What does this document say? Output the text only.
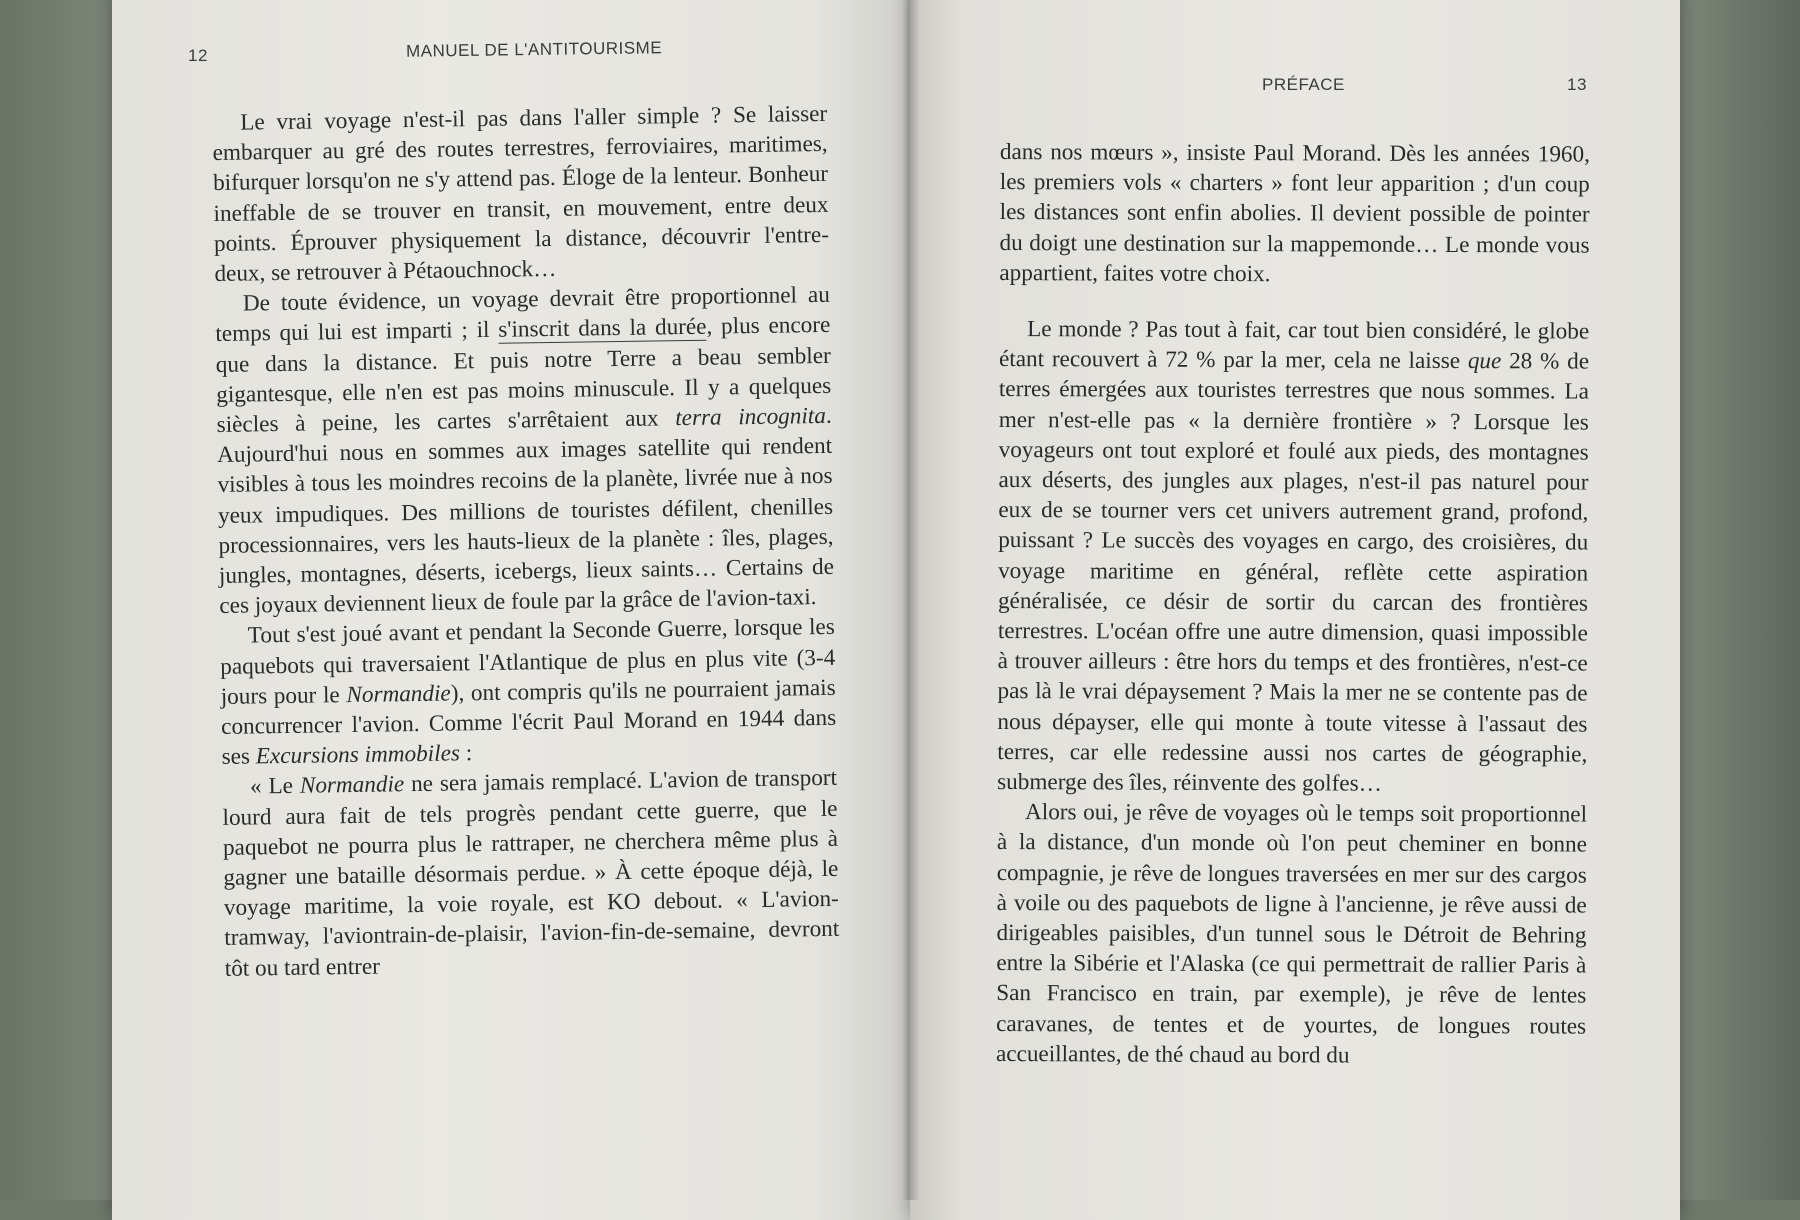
12	MANUEL DE L'ANTITOURISME

Le vrai voyage n'est-il pas dans l'aller simple ? Se laisser embarquer au gré des routes terrestres, ferroviaires, maritimes, bifurquer lorsqu'on ne s'y attend pas. Éloge de la lenteur. Bonheur ineffable de se trouver en transit, en mouvement, entre deux points. Éprouver physiquement la distance, découvrir l'entre-deux, se retrouver à Pétaouchnock…

De toute évidence, un voyage devrait être proportionnel au temps qui lui est imparti ; il s'inscrit dans la durée, plus encore que dans la distance. Et puis notre Terre a beau sembler gigantesque, elle n'en est pas moins minuscule. Il y a quelques siècles à peine, les cartes s'arrêtaient aux terra incognita. Aujourd'hui nous en sommes aux images satellite qui rendent visibles à tous les moindres recoins de la planète, livrée nue à nos yeux impudiques. Des millions de touristes défilent, chenilles processionnaires, vers les hauts-lieux de la planète : îles, plages, jungles, montagnes, déserts, icebergs, lieux saints… Certains de ces joyaux deviennent lieux de foule par la grâce de l'avion-taxi.

Tout s'est joué avant et pendant la Seconde Guerre, lorsque les paquebots qui traversaient l'Atlantique de plus en plus vite (3-4 jours pour le Normandie), ont compris qu'ils ne pourraient jamais concurrencer l'avion. Comme l'écrit Paul Morand en 1944 dans ses Excursions immobiles :

« Le Normandie ne sera jamais remplacé. L'avion de transport lourd aura fait de tels progrès pendant cette guerre, que le paquebot ne pourra plus le rattraper, ne cherchera même plus à gagner une bataille désormais perdue. » À cette époque déjà, le voyage maritime, la voie royale, est KO debout. « L'avion-tramway, l'aviontrain-de-plaisir, l'avion-fin-de-semaine, devront tôt ou tard entrer

PRÉFACE	13

dans nos mœurs », insiste Paul Morand. Dès les années 1960, les premiers vols « charters » font leur apparition ; d'un coup les distances sont enfin abolies. Il devient possible de pointer du doigt une destination sur la mappemonde… Le monde vous appartient, faites votre choix.

Le monde ? Pas tout à fait, car tout bien considéré, le globe étant recouvert à 72 % par la mer, cela ne laisse que 28 % de terres émergées aux touristes terrestres que nous sommes. La mer n'est-elle pas « la dernière frontière » ? Lorsque les voyageurs ont tout exploré et foulé aux pieds, des montagnes aux déserts, des jungles aux plages, n'est-il pas naturel pour eux de se tourner vers cet univers autrement grand, profond, puissant ? Le succès des voyages en cargo, des croisières, du voyage maritime en général, reflète cette aspiration généralisée, ce désir de sortir du carcan des frontières terrestres. L'océan offre une autre dimension, quasi impossible à trouver ailleurs : être hors du temps et des frontières, n'est-ce pas là le vrai dépaysement ? Mais la mer ne se contente pas de nous dépayser, elle qui monte à toute vitesse à l'assaut des terres, car elle redessine aussi nos cartes de géographie, submerge des îles, réinvente des golfes…

Alors oui, je rêve de voyages où le temps soit proportionnel à la distance, d'un monde où l'on peut cheminer en bonne compagnie, je rêve de longues traversées en mer sur des cargos à voile ou des paquebots de ligne à l'ancienne, je rêve aussi de dirigeables paisibles, d'un tunnel sous le Détroit de Behring entre la Sibérie et l'Alaska (ce qui permettrait de rallier Paris à San Francisco en train, par exemple), je rêve de lentes caravanes, de tentes et de yourtes, de longues routes accueillantes, de thé chaud au bord du
